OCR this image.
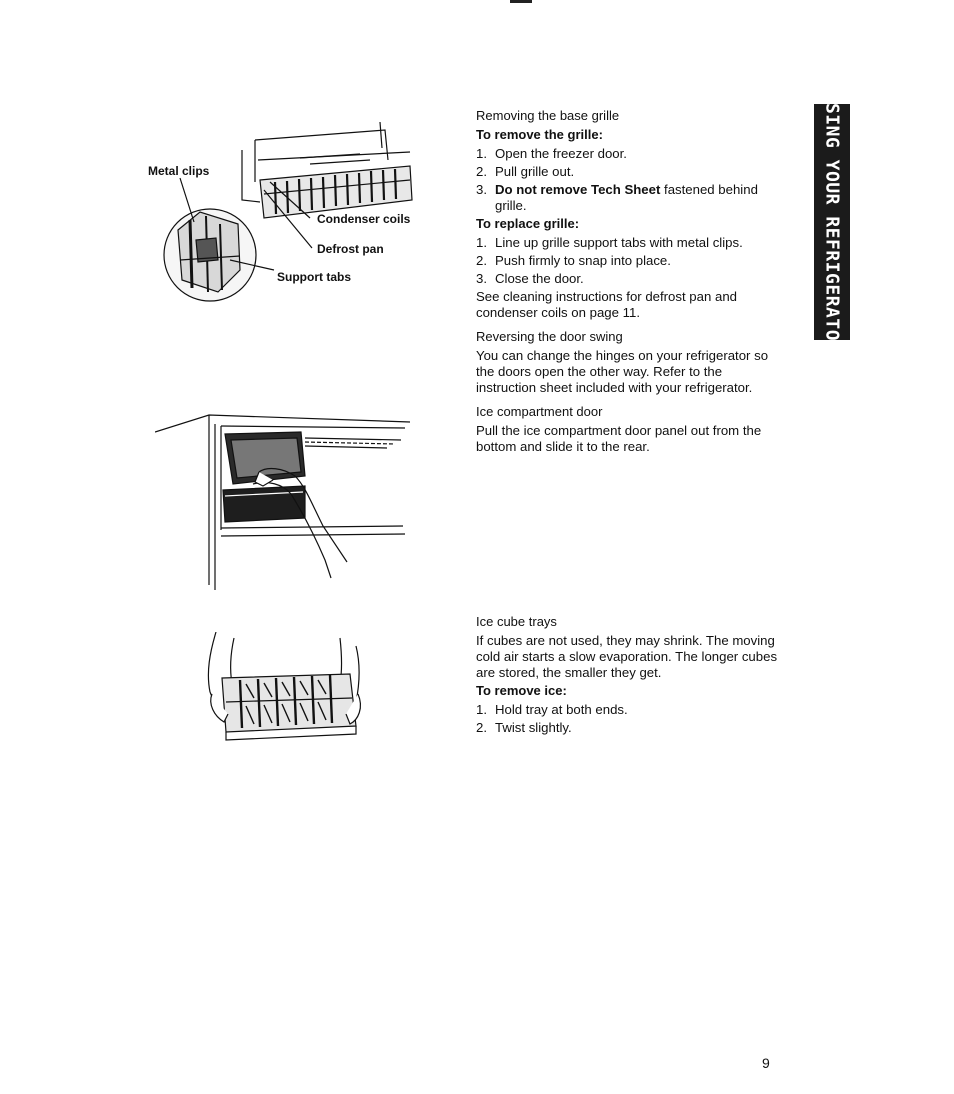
Metal clips
Condenser coils
Defrost pan
Support tabs
Removing the base grille
To remove the grille:
1. Open the freezer door.
2. Pull grille out.
3. Do not remove Tech Sheet fastened behind grille.
To replace grille:
1. Line up grille support tabs with metal clips.
2. Push firmly to snap into place.
3. Close the door.

See cleaning instructions for defrost pan and condenser coils on page 11.

Reversing the door swing

You can change the hinges on your refrigerator so the doors open the other way. Refer to the instruction sheet included with your refrigerator.

Ice compartment door

Pull the ice compartment door panel out from the bottom and slide it to the rear.

Ice cube trays

If cubes are not used, they may shrink. The moving cold air starts a slow evaporation. The longer cubes are stored, the smaller they get.

To remove ice:
1. Hold tray at both ends.
2. Twist slightly.
USING YOUR REFRIGERATOR
9
